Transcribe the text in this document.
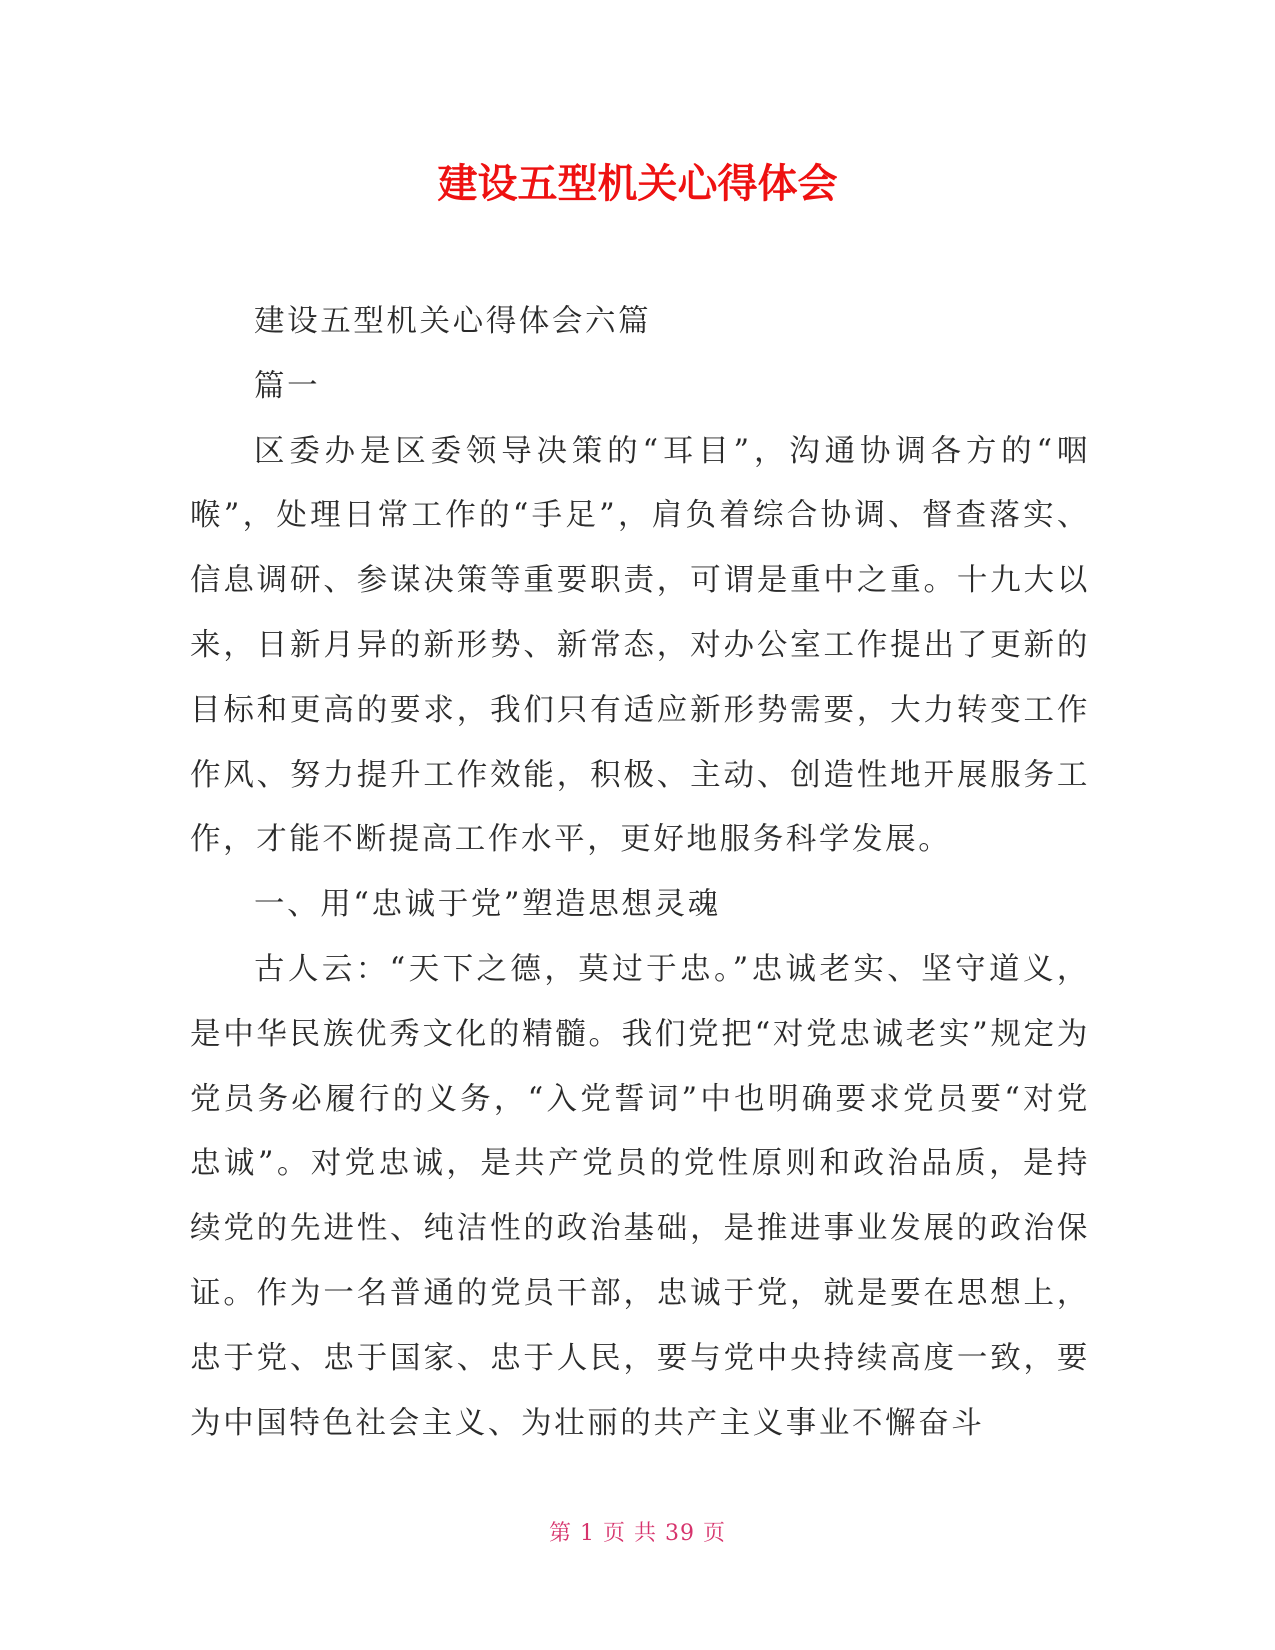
建设五型机关心得体会

建设五型机关心得体会六篇

篇一

区委办是区委领导决策的“耳目”，沟通协调各方的“咽喉”，处理日常工作的“手足”，肩负着综合协调、督查落实、信息调研、参谋决策等重要职责，可谓是重中之重。十九大以来，日新月异的新形势、新常态，对办公室工作提出了更新的目标和更高的要求，我们只有适应新形势需要，大力转变工作作风、努力提升工作效能，积极、主动、创造性地开展服务工作，才能不断提高工作水平，更好地服务科学发展。

一、用“忠诚于党”塑造思想灵魂

古人云：“天下之德，莫过于忠。”忠诚老实、坚守道义，是中华民族优秀文化的精髓。我们党把“对党忠诚老实”规定为党员务必履行的义务，“入党誓词”中也明确要求党员要“对党忠诚”。对党忠诚，是共产党员的党性原则和政治品质，是持续党的先进性、纯洁性的政治基础，是推进事业发展的政治保证。作为一名普通的党员干部，忠诚于党，就是要在思想上，忠于党、忠于国家、忠于人民，要与党中央持续高度一致，要为中国特色社会主义、为壮丽的共产主义事业不懈奋斗

第 1 页 共 39 页
